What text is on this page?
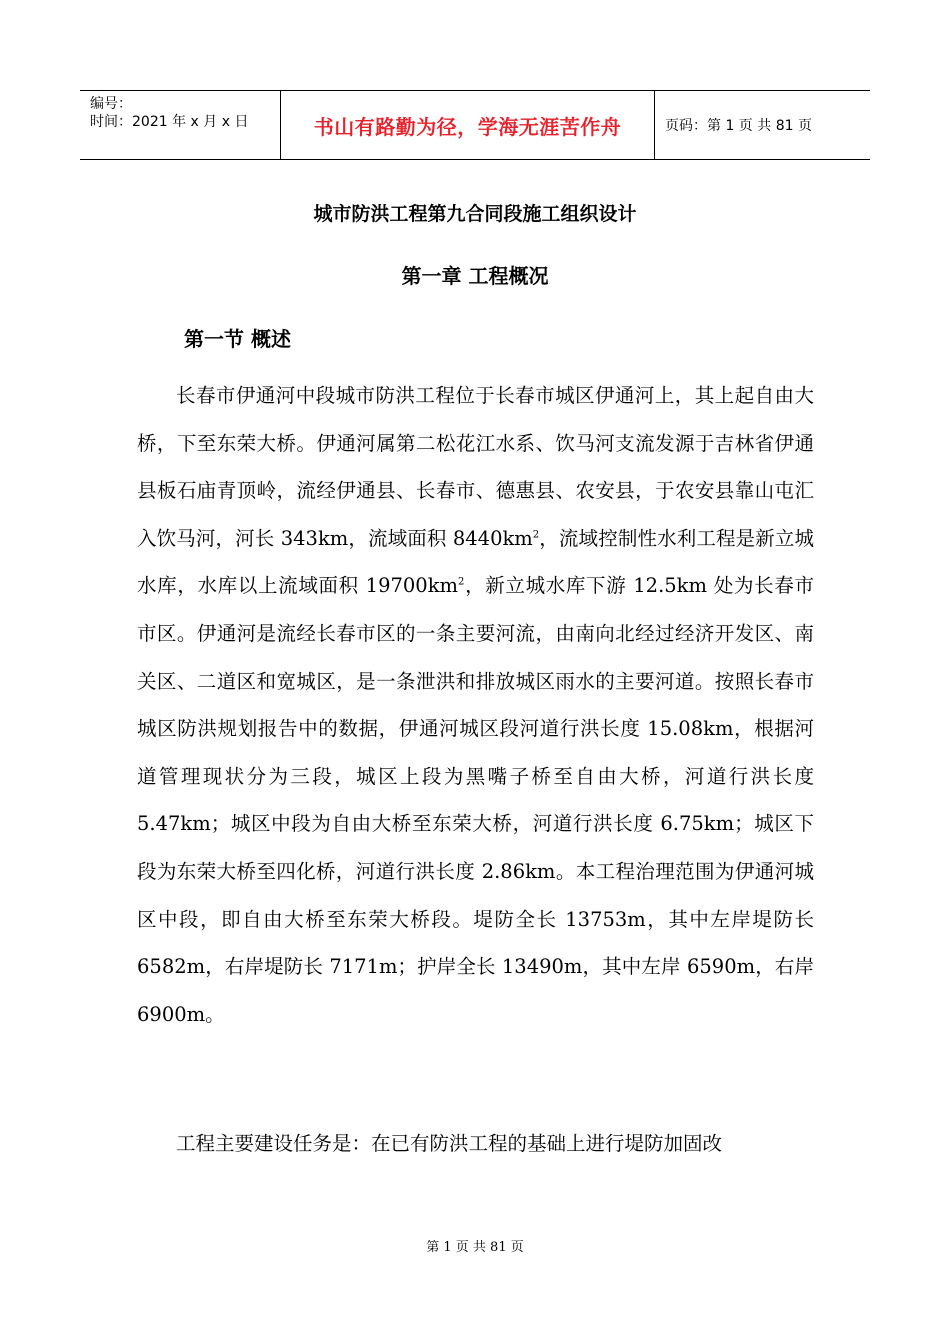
编号：
时间：2021 年 x 月 x 日	书山有路勤为径，学海无涯苦作舟	页码：第 1 页 共 81 页
城市防洪工程第九合同段施工组织设计
第一章 工程概况
第一节 概述

长春市伊通河中段城市防洪工程位于长春市城区伊通河上，其上起自由大桥，下至东荣大桥。伊通河属第二松花江水系、饮马河支流发源于吉林省伊通县板石庙青顶岭，流经伊通县、长春市、德惠县、农安县，于农安县靠山屯汇入饮马河，河长 343km，流域面积 $8440km^2$，流域控制性水利工程是新立城水库，水库以上流域面积 $19700km^2$，新立城水库下游 12.5km 处为长春市市区。伊通河是流经长春市区的一条主要河流，由南向北经过经济开发区、南关区、二道区和宽城区，是一条泄洪和排放城区雨水的主要河道。按照长春市城区防洪规划报告中的数据，伊通河城区段河道行洪长度 15.08km，根据河道管理现状分为三段，城区上段为黑嘴子桥至自由大桥，河道行洪长度 5.47km；城区中段为自由大桥至东荣大桥，河道行洪长度 6.75km；城区下段为东荣大桥至四化桥，河道行洪长度 2.86km。本工程治理范围为伊通河城区中段，即自由大桥至东荣大桥段。堤防全长 13753m，其中左岸堤防长 6582m，右岸堤防长 7171m；护岸全长 13490m，其中左岸 6590m，右岸 6900m。

工程主要建设任务是：在已有防洪工程的基础上进行堤防加固改

第 1 页 共 81 页
